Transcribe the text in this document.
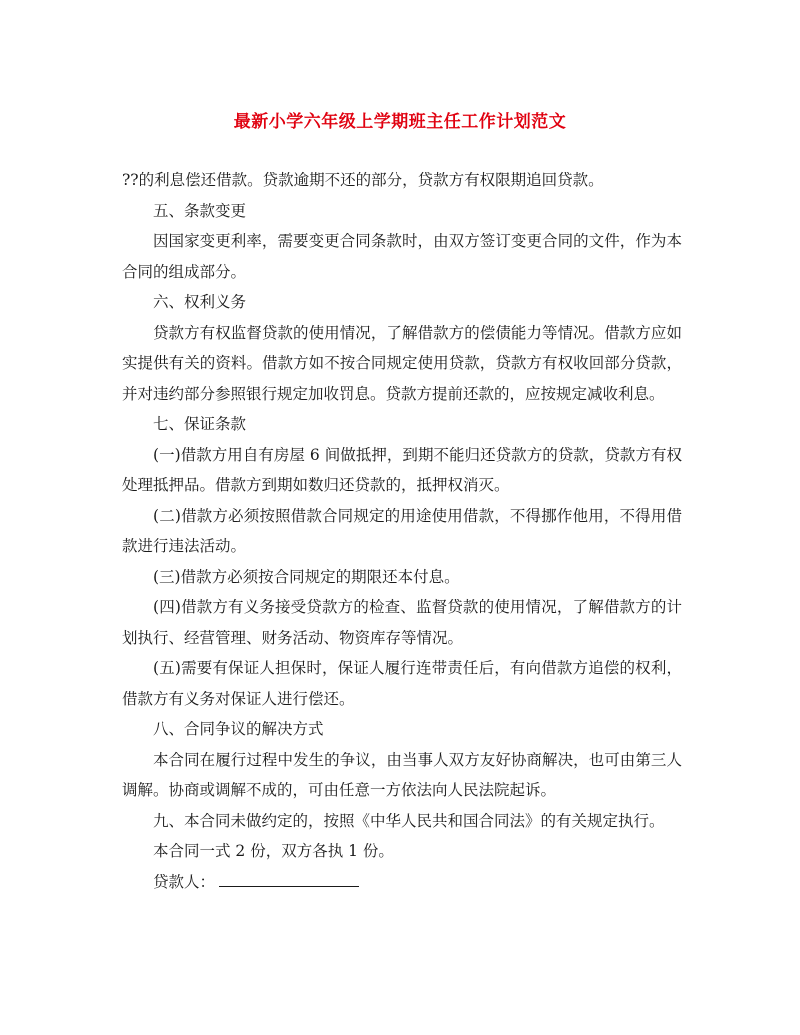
最新小学六年级上学期班主任工作计划范文

??的利息偿还借款。贷款逾期不还的部分，贷款方有权限期追回贷款。

五、条款变更

因国家变更利率，需要变更合同条款时，由双方签订变更合同的文件，作为本合同的组成部分。

六、权利义务

贷款方有权监督贷款的使用情况，了解借款方的偿债能力等情况。借款方应如实提供有关的资料。借款方如不按合同规定使用贷款，贷款方有权收回部分贷款，并对违约部分参照银行规定加收罚息。贷款方提前还款的，应按规定减收利息。

七、保证条款

(一)借款方用自有房屋 6 间做抵押，到期不能归还贷款方的贷款，贷款方有权处理抵押品。借款方到期如数归还贷款的，抵押权消灭。

(二)借款方必须按照借款合同规定的用途使用借款，不得挪作他用，不得用借款进行违法活动。

(三)借款方必须按合同规定的期限还本付息。

(四)借款方有义务接受贷款方的检查、监督贷款的使用情况，了解借款方的计划执行、经营管理、财务活动、物资库存等情况。

(五)需要有保证人担保时，保证人履行连带责任后，有向借款方追偿的权利，借款方有义务对保证人进行偿还。

八、合同争议的解决方式

本合同在履行过程中发生的争议，由当事人双方友好协商解决，也可由第三人调解。协商或调解不成的，可由任意一方依法向人民法院起诉。

九、本合同未做约定的，按照《中华人民共和国合同法》的有关规定执行。

本合同一式 2 份，双方各执 1 份。

贷款人：
